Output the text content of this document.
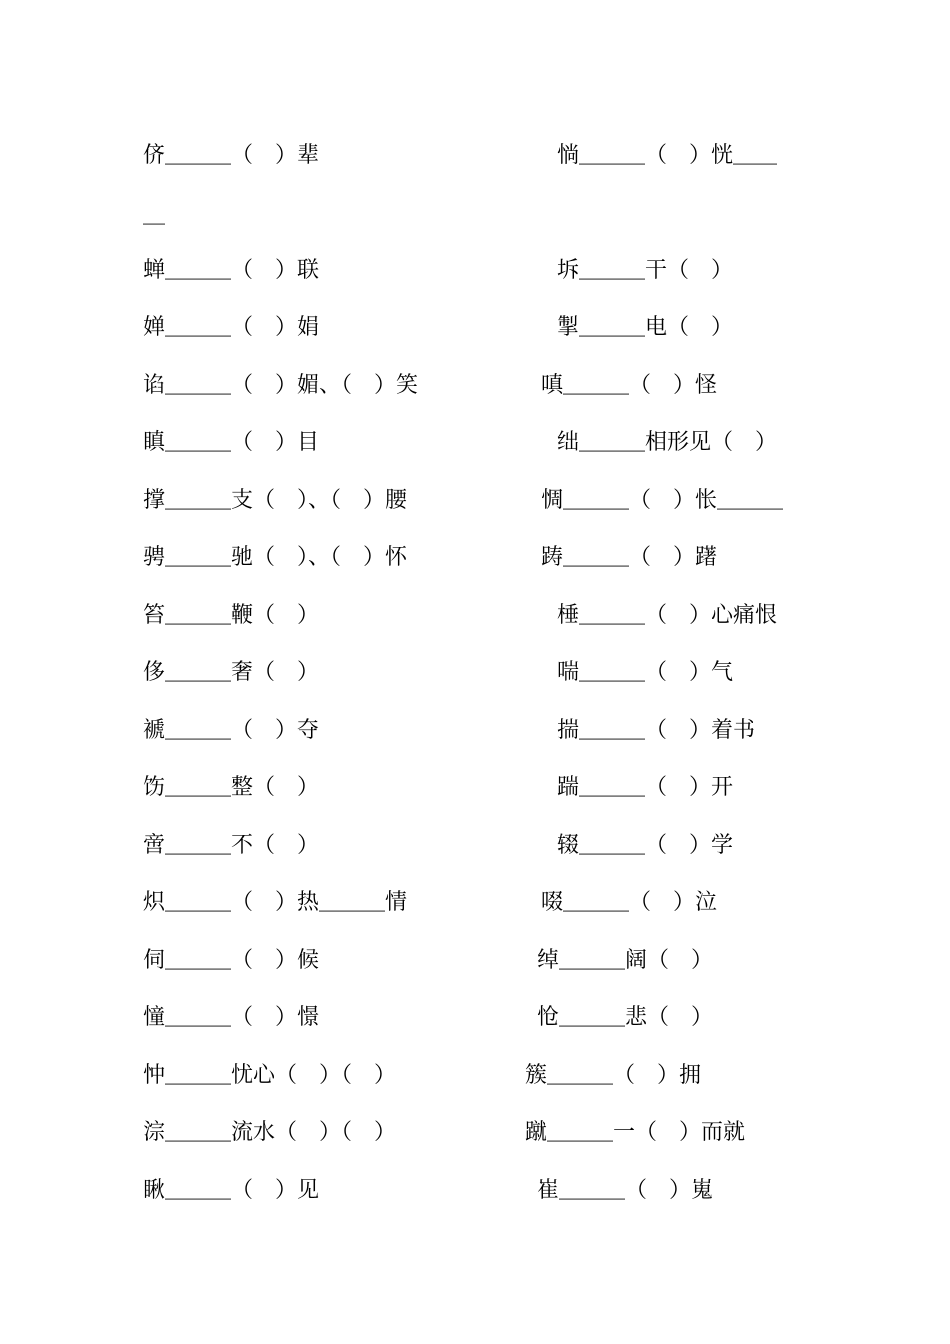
侪＿＿＿（　）辈
＿
蝉＿＿＿（　）联
婵＿＿＿（　）娟
谄＿＿＿（　）媚、（　）笑
瞋＿＿＿（　）目
撑＿＿＿支（　）、（　）腰
骋＿＿＿驰（　）、（　）怀
笞＿＿＿鞭（　）
侈＿＿＿奢（　）
褫＿＿＿（　）夺
饬＿＿＿整（　）
啻＿＿＿不（　）
炽＿＿＿（　）热＿＿＿情
伺＿＿＿（　）候
憧＿＿＿（　）憬
忡＿＿＿忧心（　）（　）
淙＿＿＿流水（　）（　）
瞅＿＿＿（　）见
惝＿＿＿（　）恍＿＿
坼＿＿＿干（　）
掣＿＿＿电（　）
嗔＿＿＿（　）怪
绌＿＿＿相形见（　）
惆＿＿＿（　）怅＿＿＿
踌＿＿＿（　）躇
棰＿＿＿（　）心痛恨
喘＿＿＿（　）气
揣＿＿＿（　）着书
踹＿＿＿（　）开
辍＿＿＿（　）学
啜＿＿＿（　）泣
绰＿＿＿阔（　）
怆＿＿＿悲（　）
簇＿＿＿（　）拥
蹴＿＿＿一（　）而就
崔＿＿＿（　）嵬
